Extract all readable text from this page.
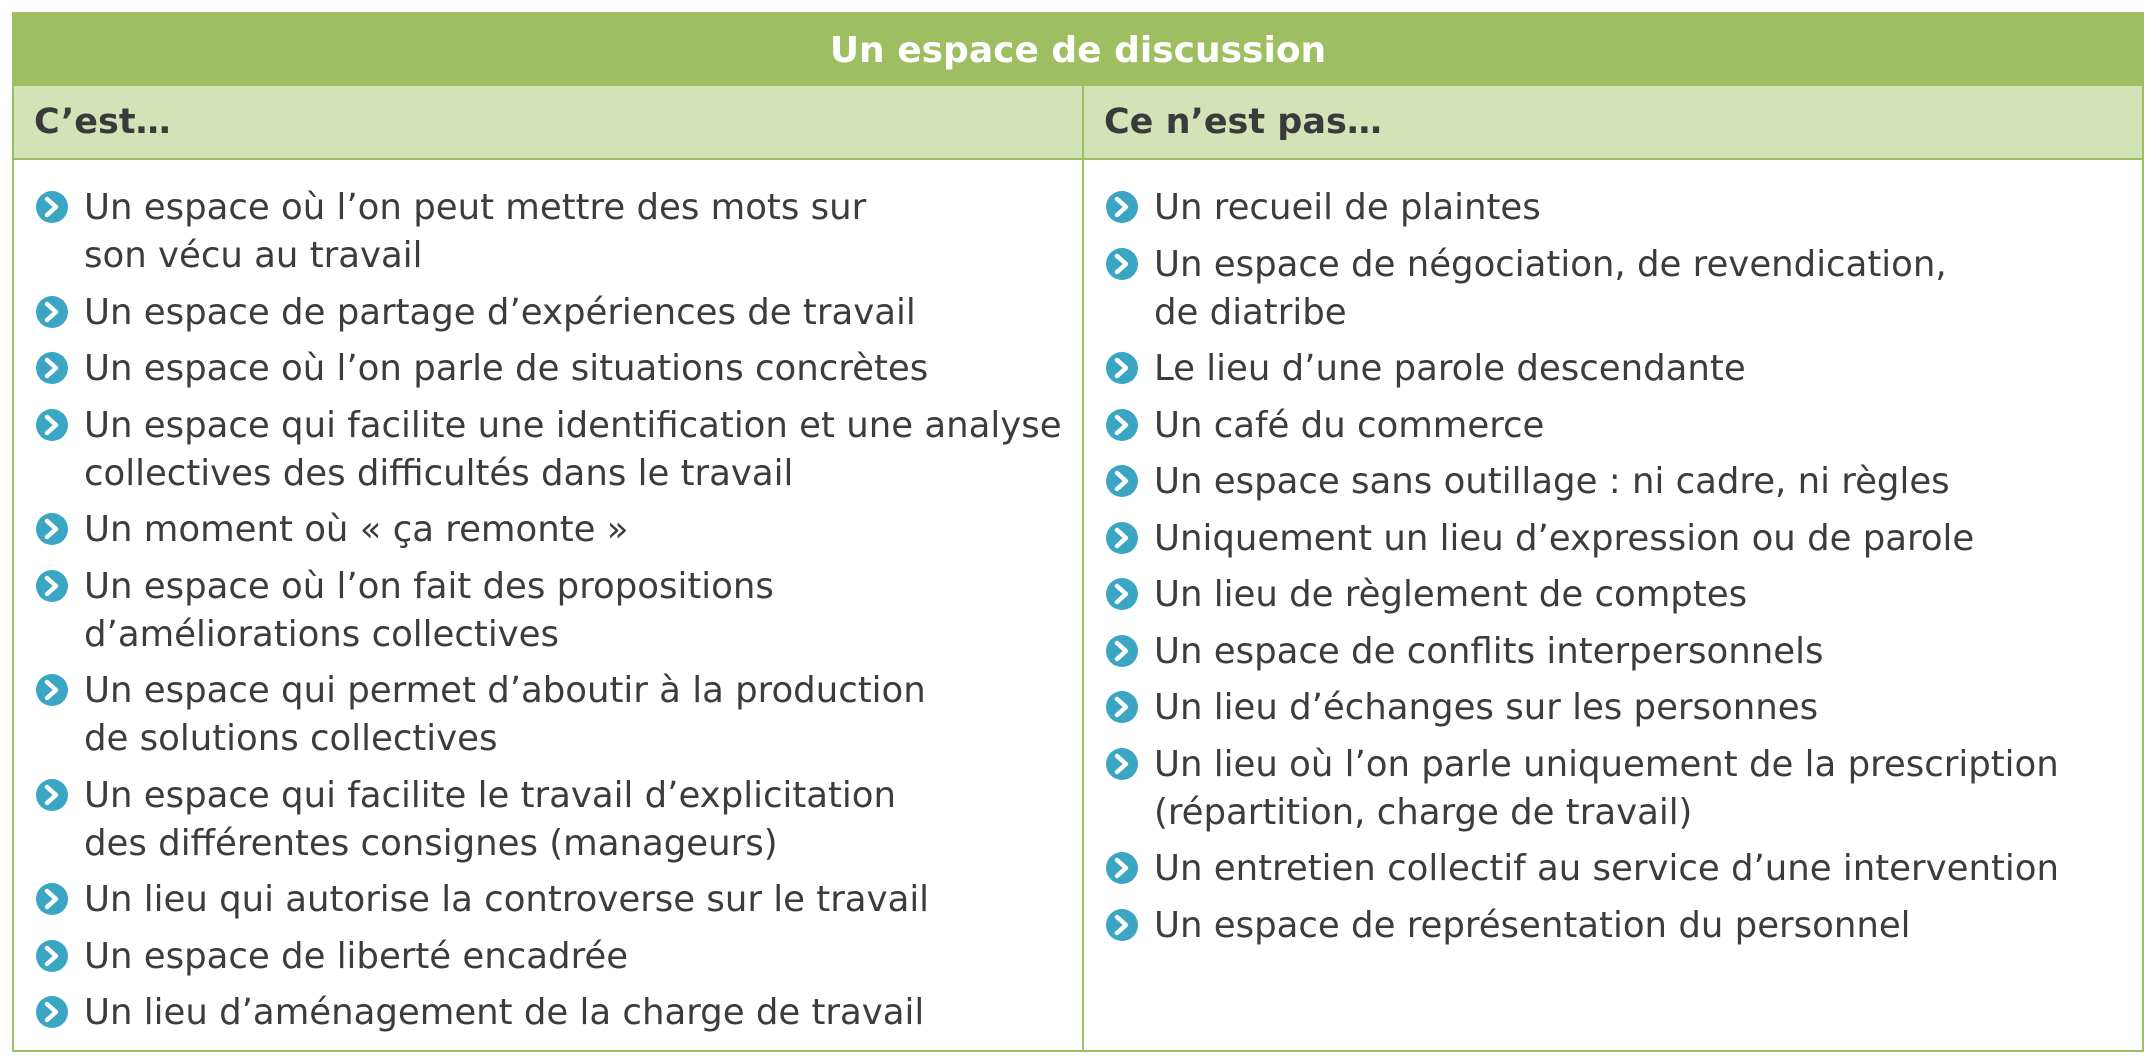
Un espace de discussion
C’est…	Ce n’est pas…
Un espace où l’on peut mettre des mots sur
son vécu au travail
Un espace de partage d’expériences de travail
Un espace où l’on parle de situations concrètes
Un espace qui facilite une identification et une analyse
collectives des difficultés dans le travail
Un moment où « ça remonte »
Un espace où l’on fait des propositions
d’améliorations collectives
Un espace qui permet d’aboutir à la production
de solutions collectives
Un espace qui facilite le travail d’explicitation
des différentes consignes (manageurs)
Un lieu qui autorise la controverse sur le travail
Un espace de liberté encadrée
Un lieu d’aménagement de la charge de travail
Un recueil de plaintes
Un espace de négociation, de revendication,
de diatribe
Le lieu d’une parole descendante
Un café du commerce
Un espace sans outillage : ni cadre, ni règles
Uniquement un lieu d’expression ou de parole
Un lieu de règlement de comptes
Un espace de conflits interpersonnels
Un lieu d’échanges sur les personnes
Un lieu où l’on parle uniquement de la prescription
(répartition, charge de travail)
Un entretien collectif au service d’une intervention
Un espace de représentation du personnel
